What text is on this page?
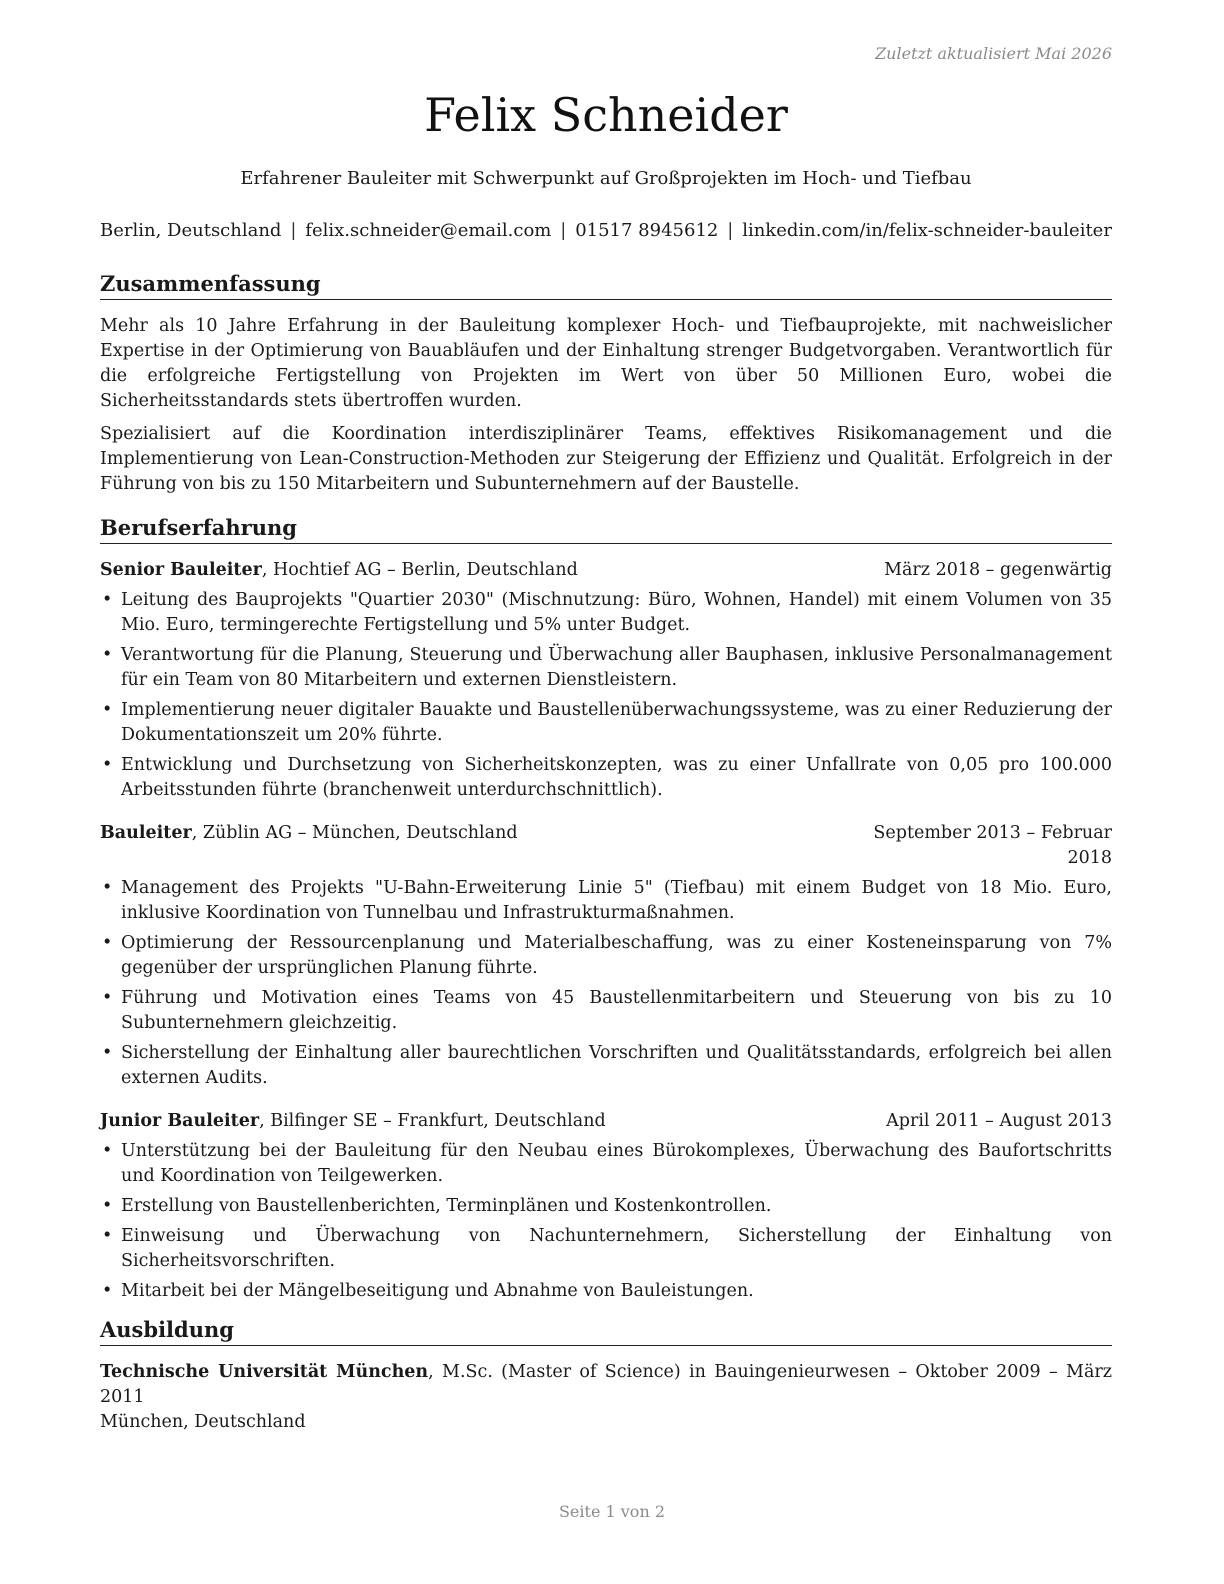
Zuletzt aktualisiert Mai 2026
Felix Schneider
Erfahrener Bauleiter mit Schwerpunkt auf Großprojekten im Hoch- und Tiefbau
Berlin, Deutschland | felix.schneider@email.com | 01517 8945612 | linkedin.com/in/felix-schneider-bauleiter
Zusammenfassung

Mehr als 10 Jahre Erfahrung in der Bauleitung komplexer Hoch- und Tiefbauprojekte, mit nachweislicher Expertise in der Optimierung von Bauabläufen und der Einhaltung strenger Budgetvorgaben. Verantwortlich für die erfolgreiche Fertigstellung von Projekten im Wert von über 50 Millionen Euro, wobei die Sicherheitsstandards stets übertroffen wurden.

Spezialisiert auf die Koordination interdisziplinärer Teams, effektives Risikomanagement und die Implementierung von Lean-Construction-Methoden zur Steigerung der Effizienz und Qualität. Erfolgreich in der Führung von bis zu 150 Mitarbeitern und Subunternehmern auf der Baustelle.

Berufserfahrung
Senior Bauleiter, Hochtief AG – Berlin, Deutschland	März 2018 – gegenwärtig
• Leitung des Bauprojekts "Quartier 2030" (Mischnutzung: Büro, Wohnen, Handel) mit einem Volumen von 35 Mio. Euro, termingerechte Fertigstellung und 5% unter Budget.
• Verantwortung für die Planung, Steuerung und Überwachung aller Bauphasen, inklusive Personalmanagement für ein Team von 80 Mitarbeitern und externen Dienstleistern.
• Implementierung neuer digitaler Bauakte und Baustellenüberwachungssysteme, was zu einer Reduzierung der Dokumentationszeit um 20% führte.
• Entwicklung und Durchsetzung von Sicherheitskonzepten, was zu einer Unfallrate von 0,05 pro 100.000 Arbeitsstunden führte (branchenweit unterdurchschnittlich).
Bauleiter, Züblin AG – München, Deutschland	September 2013 – Februar 2018
• Management des Projekts "U-Bahn-Erweiterung Linie 5" (Tiefbau) mit einem Budget von 18 Mio. Euro, inklusive Koordination von Tunnelbau und Infrastrukturmaßnahmen.
• Optimierung der Ressourcenplanung und Materialbeschaffung, was zu einer Kosteneinsparung von 7% gegenüber der ursprünglichen Planung führte.
• Führung und Motivation eines Teams von 45 Baustellenmitarbeitern und Steuerung von bis zu 10 Subunternehmern gleichzeitig.
• Sicherstellung der Einhaltung aller baurechtlichen Vorschriften und Qualitätsstandards, erfolgreich bei allen externen Audits.
Junior Bauleiter, Bilfinger SE – Frankfurt, Deutschland	April 2011 – August 2013
• Unterstützung bei der Bauleitung für den Neubau eines Bürokomplexes, Überwachung des Baufortschritts und Koordination von Teilgewerken.
• Erstellung von Baustellenberichten, Terminplänen und Kostenkontrollen.
• Einweisung und Überwachung von Nachunternehmern, Sicherstellung der Einhaltung von Sicherheitsvorschriften.
• Mitarbeit bei der Mängelbeseitigung und Abnahme von Bauleistungen.
Ausbildung
Technische Universität München, M.Sc. (Master of Science) in Bauingenieurwesen – Oktober 2009 – März 2011
München, Deutschland
Seite 1 von 2
